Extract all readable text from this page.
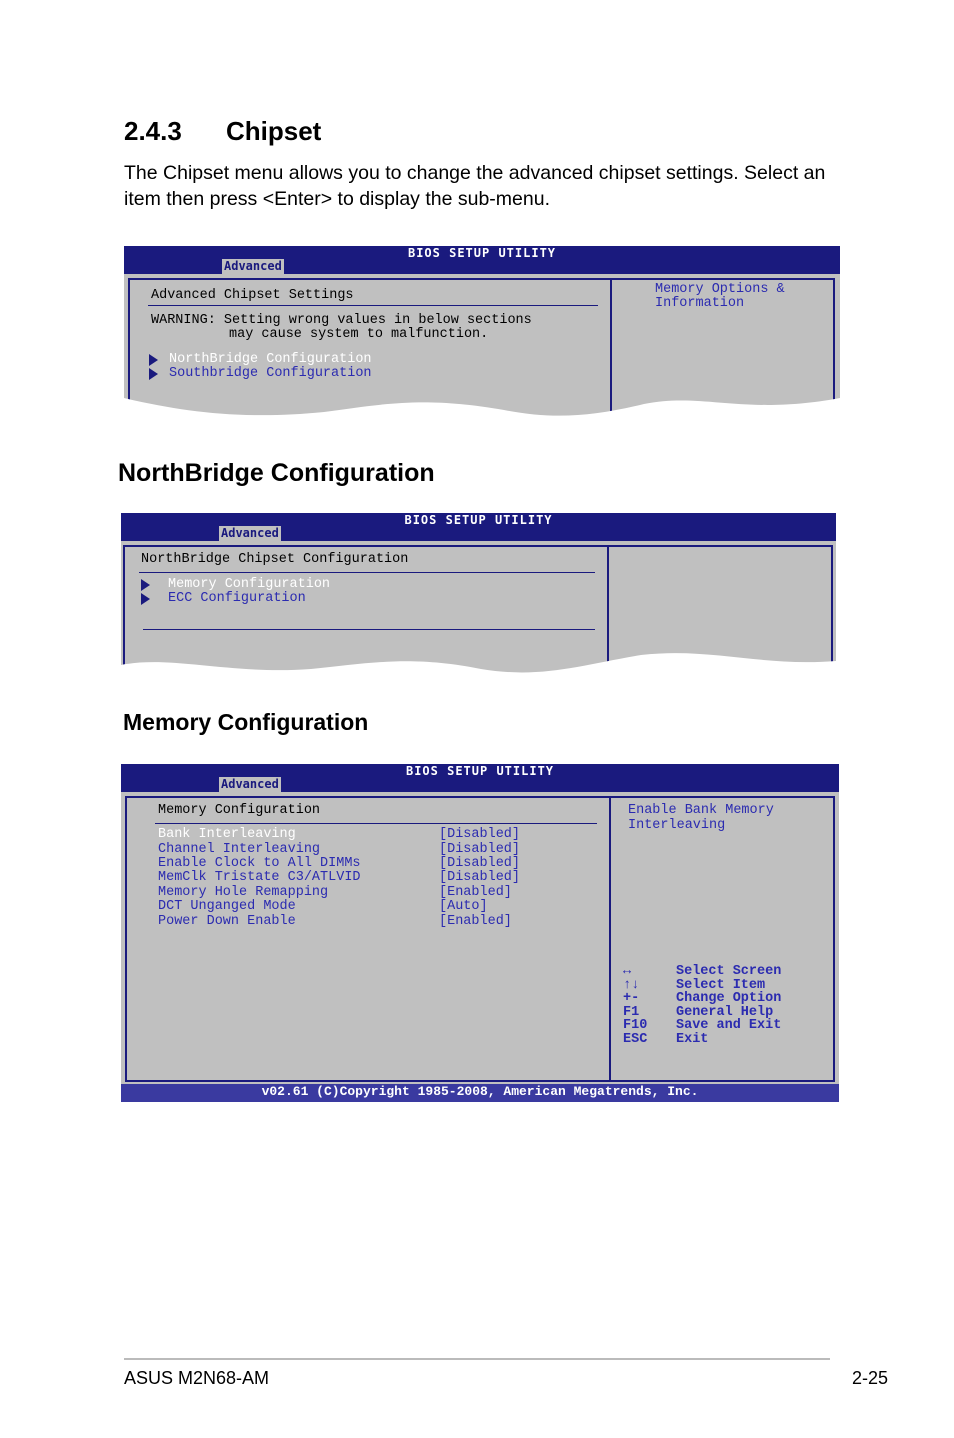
2.4.3 Chipset
The Chipset menu allows you to change the advanced chipset settings. Select an item then press <Enter> to display the sub-menu.
BIOS SETUP UTILITY
Advanced
Advanced Chipset Settings
WARNING: Setting wrong values in below sections
may cause system to malfunction.
NorthBridge Configuration
Southbridge Configuration
Memory Options &
Information
NorthBridge Configuration
BIOS SETUP UTILITY
Advanced
NorthBridge Chipset Configuration
Memory Configuration
ECC Configuration
Memory Configuration
BIOS SETUP UTILITY
Advanced
Memory Configuration
Bank Interleaving	[Disabled]
Channel Interleaving	[Disabled]
Enable Clock to All DIMMs	[Disabled]
MemClk Tristate C3/ATLVID	[Disabled]
Memory Hole Remapping	[Enabled]
DCT Unganged Mode	[Auto]
Power Down Enable	[Enabled]
Enable Bank Memory
Interleaving
↔	Select Screen
↑↓	Select Item
+-	Change Option
F1	General Help
F10 Save and Exit
ESC Exit
v02.61 (C)Copyright 1985-2008, American Megatrends, Inc.
ASUS M2N68-AM	2-25
